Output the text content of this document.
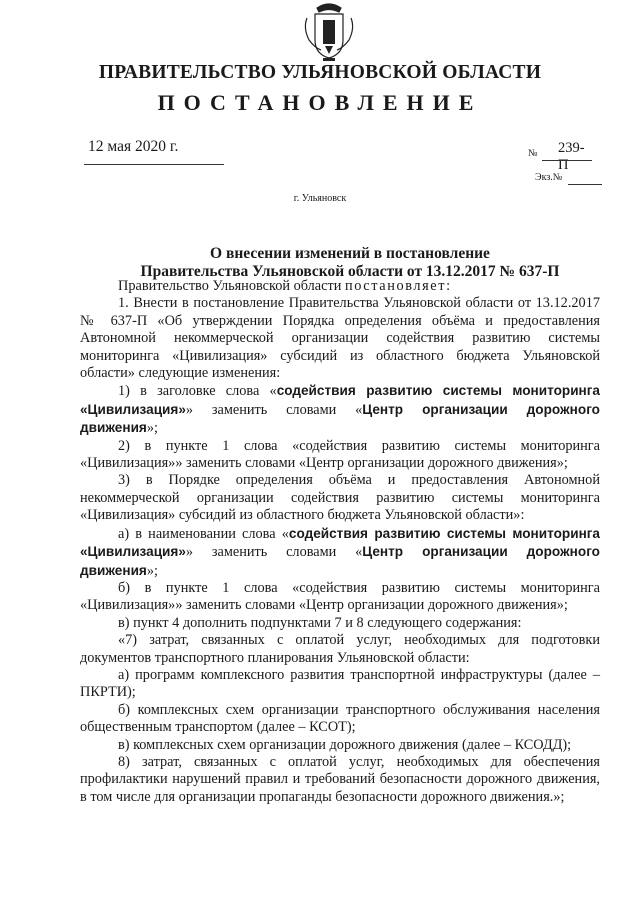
ПРАВИТЕЛЬСТВО УЛЬЯНОВСКОЙ ОБЛАСТИ
ПОСТАНОВЛЕНИЕ
12 мая 2020 г.	№ 239-П
Экз.№
г. Ульяновск
О внесении изменений в постановление
Правительства Ульяновской области от 13.12.2017 № 637-П

Правительство Ульяновской области постановляет:

1. Внести в постановление Правительства Ульяновской области от 13.12.2017 № 637-П «Об утверждении Порядка определения объёма и предоставления Автономной некоммерческой организации содействия развитию системы мониторинга «Цивилизация» субсидий из областного бюджета Ульяновской области» следующие изменения:

1) в заголовке слова «содействия развитию системы мониторинга «Цивилизация»» заменить словами «Центр организации дорожного движения»;

2) в пункте 1 слова «содействия развитию системы мониторинга «Цивилизация»» заменить словами «Центр организации дорожного движения»;

3) в Порядке определения объёма и предоставления Автономной некоммерческой организации содействия развитию системы мониторинга «Цивилизация» субсидий из областного бюджета Ульяновской области»:

а) в наименовании слова «содействия развитию системы мониторинга «Цивилизация»» заменить словами «Центр организации дорожного движения»;

б) в пункте 1 слова «содействия развитию системы мониторинга «Цивилизация»» заменить словами «Центр организации дорожного движения»;

в) пункт 4 дополнить подпунктами 7 и 8 следующего содержания:

«7) затрат, связанных с оплатой услуг, необходимых для подготовки документов транспортного планирования Ульяновской области:

а) программ комплексного развития транспортной инфраструктуры (далее – ПКРТИ);

б) комплексных схем организации транспортного обслуживания населения общественным транспортом (далее – КСОТ);

в) комплексных схем организации дорожного движения (далее – КСОДД);

8) затрат, связанных с оплатой услуг, необходимых для обеспечения профилактики нарушений правил и требований безопасности дорожного движения, в том числе для организации пропаганды безопасности дорожного движения.»;
